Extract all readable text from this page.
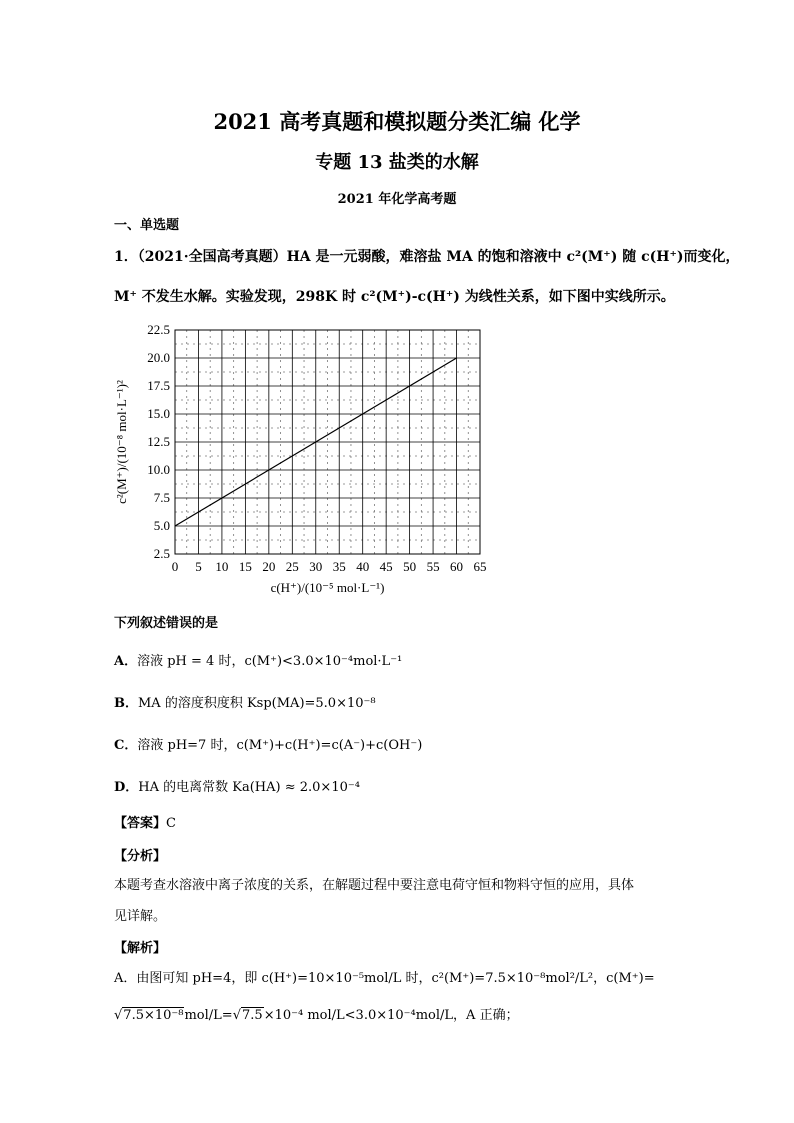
2021 高考真题和模拟题分类汇编 化学
专题 13 盐类的水解
2021 年化学高考题
一、单选题
1．（2021·全国高考真题）HA 是一元弱酸，难溶盐 MA 的饱和溶液中 c²(M⁺) 随 c(H⁺)而变化，
M⁺ 不发生水解。实验发现，298K 时 c²(M⁺)-c(H⁺) 为线性关系，如下图中实线所示。
0 5 10 15 20 25 30 35 40 45 50 55 60 65
2.5
5.0
7.5
10.0
12.5
15.0
17.5
20.0
22.5
c(H⁺)/(10⁻⁵ mol·L⁻¹)
c²(M⁺)/(10⁻⁸ mol·L⁻¹)²
下列叙述错误的是
A．溶液 pH = 4 时，c(M⁺)<3.0×10⁻⁴mol·L⁻¹
B．MA 的溶度积度积 Ksp(MA)=5.0×10⁻⁸
C．溶液 pH=7 时，c(M⁺)+c(H⁺)=c(A⁻)+c(OH⁻)
D．HA 的电离常数 Ka(HA) ≈ 2.0×10⁻⁴
【答案】C
【分析】
本题考查水溶液中离子浓度的关系，在解题过程中要注意电荷守恒和物料守恒的应用，具体
见详解。
【解析】
A．由图可知 pH=4，即 c(H⁺)=10×10⁻⁵mol/L 时，c²(M⁺)=7.5×10⁻⁸mol²/L²，c(M⁺)=
√7.5×10⁻⁸mol/L=√7.5×10⁻⁴ mol/L<3.0×10⁻⁴mol/L，A 正确；
